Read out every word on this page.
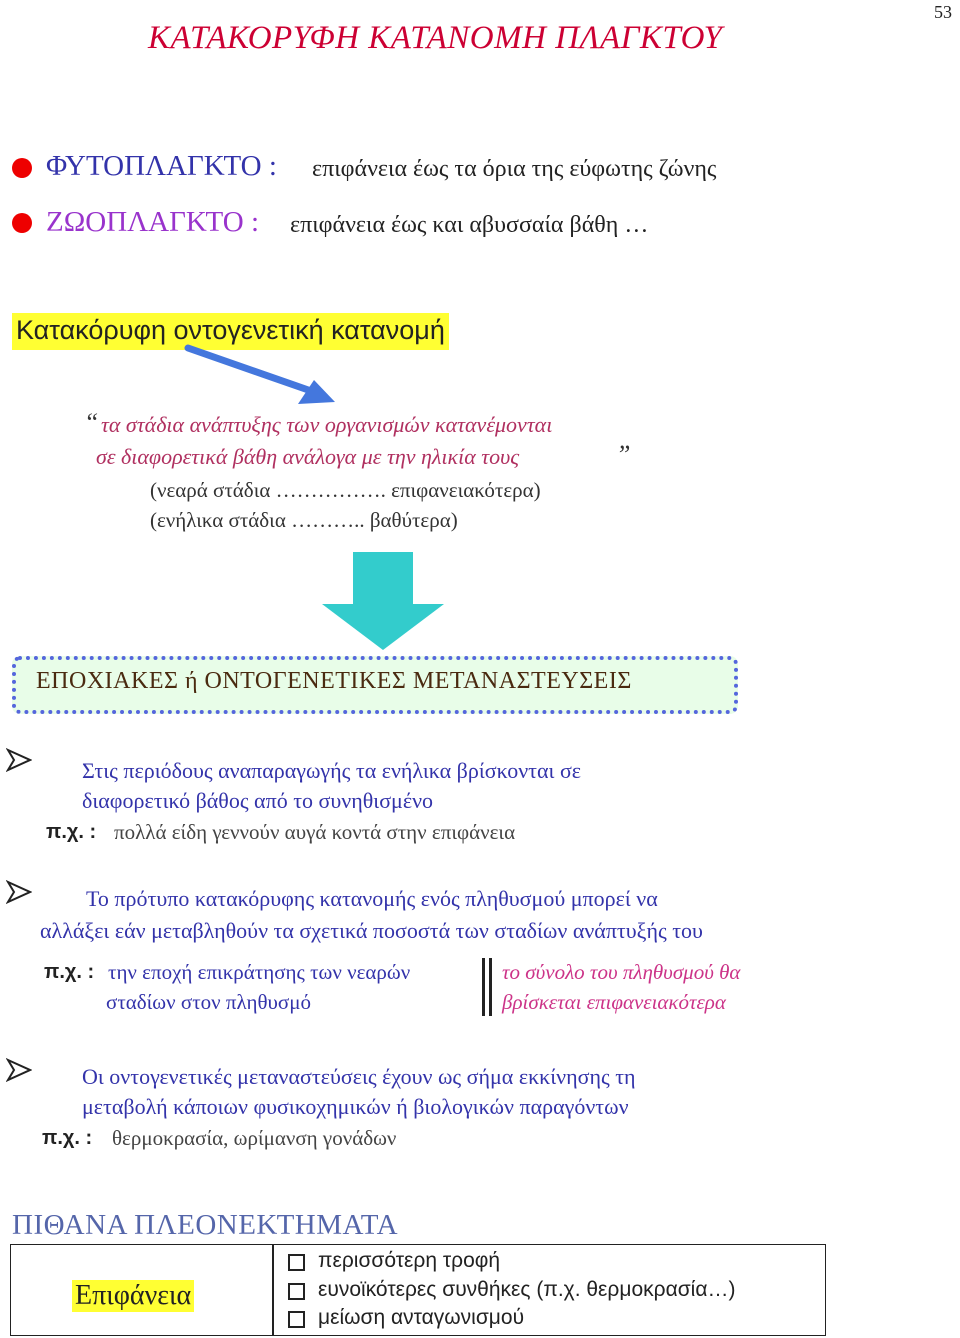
53
ΚΑΤΑΚΟΡΥΦΗ ΚΑΤΑΝΟΜΗ ΠΛΑΓΚΤΟΥ
ΦΥΤΟΠΛΑΓΚΤΟ : επιφάνεια έως τα όρια της εύφωτης ζώνης
ΖΩΟΠΛΑΓΚΤΟ : επιφάνεια έως και αβυσσαία βάθη …
Κατακόρυφη οντογενετική κατανομή
“ τα στάδια ανάπτυξης των οργανισμών κατανέμονται
σε διαφορετικά βάθη ανάλογα με την ηλικία τους	”
(νεαρά στάδια ……………. επιφανειακότερα)
(ενήλικα στάδια ……….. βαθύτερα)
ΕΠΟΧΙΑΚΕΣ ή ΟΝΤΟΓΕΝΕΤΙΚΕΣ ΜΕΤΑΝΑΣΤΕΥΣΕΙΣ
Στις περιόδους αναπαραγωγής τα ενήλικα βρίσκονται σε
διαφορετικό βάθος από το συνηθισμένο
π.χ. : πολλά είδη γεννούν αυγά κοντά στην επιφάνεια
Το πρότυπο κατακόρυφης κατανομής ενός πληθυσμού μπορεί να
αλλάξει εάν μεταβληθούν τα σχετικά ποσοστά των σταδίων ανάπτυξής του
π.χ. : την εποχή επικράτησης των νεαρών
σταδίων στον πληθυσμό
το σύνολο του πληθυσμού θα
βρίσκεται επιφανειακότερα
Οι οντογενετικές μεταναστεύσεις έχουν ως σήμα εκκίνησης τη
μεταβολή κάποιων φυσικοχημικών ή βιολογικών παραγόντων
π.χ. : θερμοκρασία, ωρίμανση γονάδων
ΠΙΘΑΝΑ ΠΛΕΟΝΕΚΤΗΜΑΤΑ
Επιφάνεια
περισσότερη τροφή
ευνοϊκότερες συνθήκες (π.χ. θερμοκρασία…)
μείωση ανταγωνισμού
